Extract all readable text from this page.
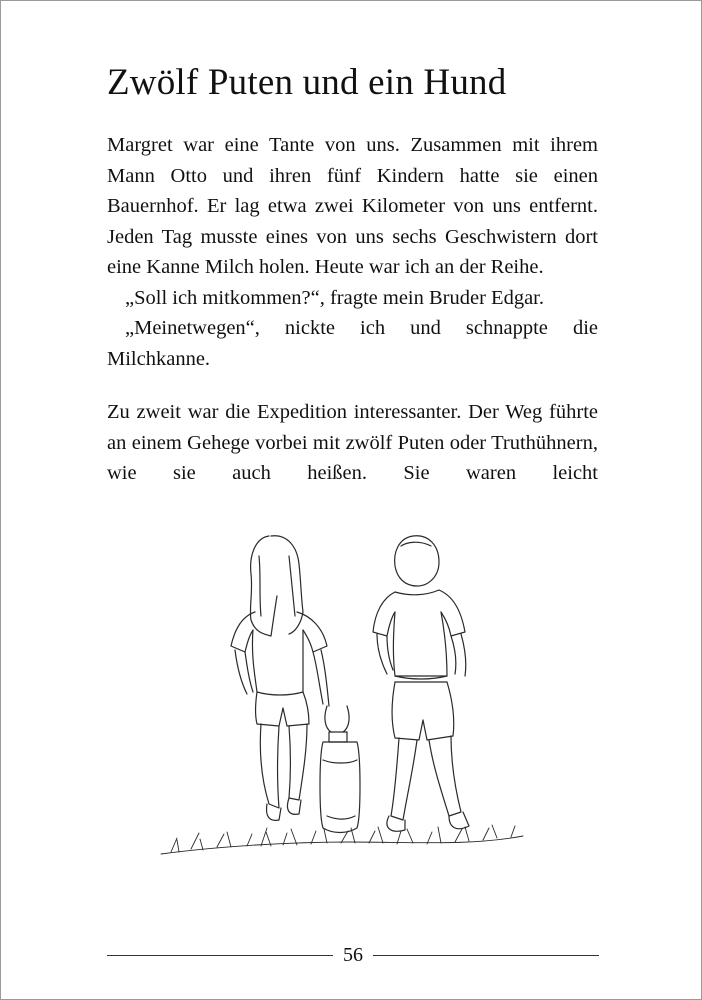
Zwölf Puten und ein Hund

Margret war eine Tante von uns. Zusammen mit ihrem Mann Otto und ihren fünf Kindern hatte sie einen Bauernhof. Er lag etwa zwei Kilometer von uns entfernt. Jeden Tag musste eines von uns sechs Geschwistern dort eine Kanne Milch holen. Heute war ich an der Reihe.

„Soll ich mitkommen?“, fragte mein Bruder Edgar.

„Meinetwegen“, nickte ich und schnappte die Milchkanne.

Zu zweit war die Expedition interessanter. Der Weg führte an einem Gehege vorbei mit zwölf Puten oder Truthühnern, wie sie auch heißen. Sie waren leicht

56
